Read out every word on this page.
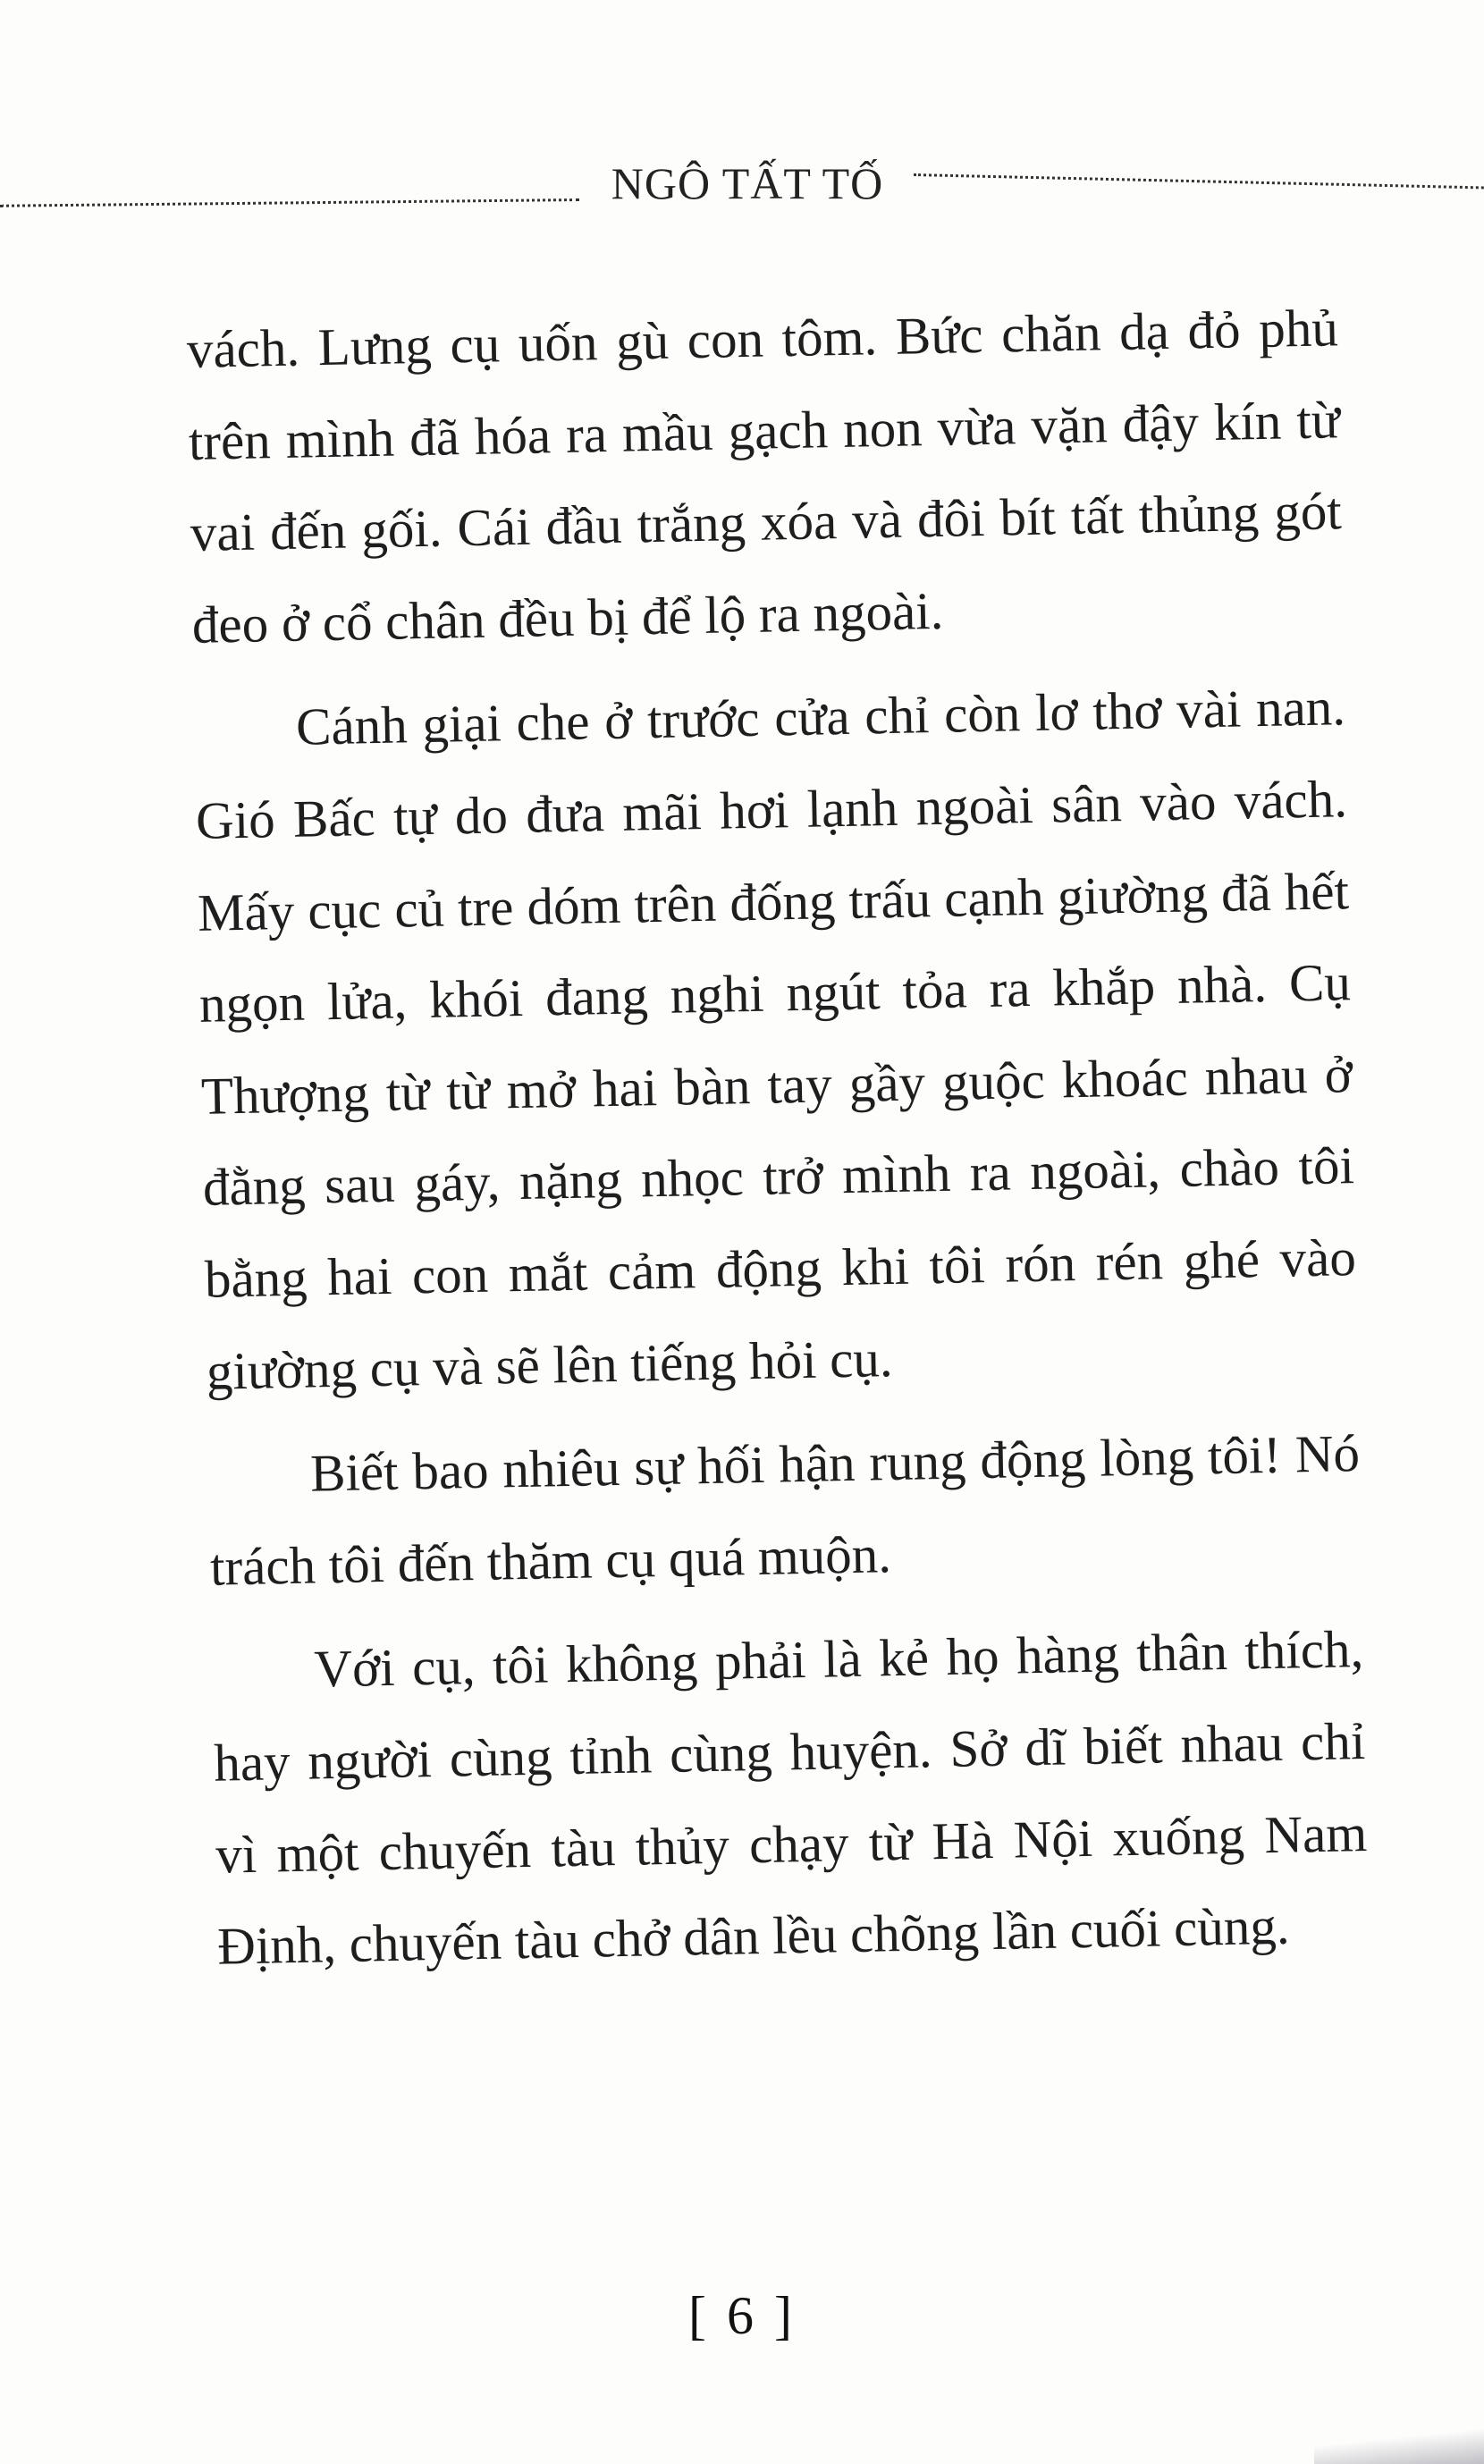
NGÔ TẤT TỐ

vách. Lưng cụ uốn gù con tôm. Bức chăn dạ đỏ phủ trên mình đã hóa ra mầu gạch non vừa vặn đậy kín từ vai đến gối. Cái đầu trắng xóa và đôi bít tất thủng gót đeo ở cổ chân đều bị để lộ ra ngoài.

Cánh giại che ở trước cửa chỉ còn lơ thơ vài nan. Gió Bấc tự do đưa mãi hơi lạnh ngoài sân vào vách. Mấy cục củ tre dóm trên đống trấu cạnh giường đã hết ngọn lửa, khói đang nghi ngút tỏa ra khắp nhà. Cụ Thượng từ từ mở hai bàn tay gầy guộc khoác nhau ở đằng sau gáy, nặng nhọc trở mình ra ngoài, chào tôi bằng hai con mắt cảm động khi tôi rón rén ghé vào giường cụ và sẽ lên tiếng hỏi cụ.

Biết bao nhiêu sự hối hận rung động lòng tôi! Nó trách tôi đến thăm cụ quá muộn.

Với cụ, tôi không phải là kẻ họ hàng thân thích, hay người cùng tỉnh cùng huyện. Sở dĩ biết nhau chỉ vì một chuyến tàu thủy chạy từ Hà Nội xuống Nam Định, chuyến tàu chở dân lều chõng lần cuối cùng.

[ 6 ]
